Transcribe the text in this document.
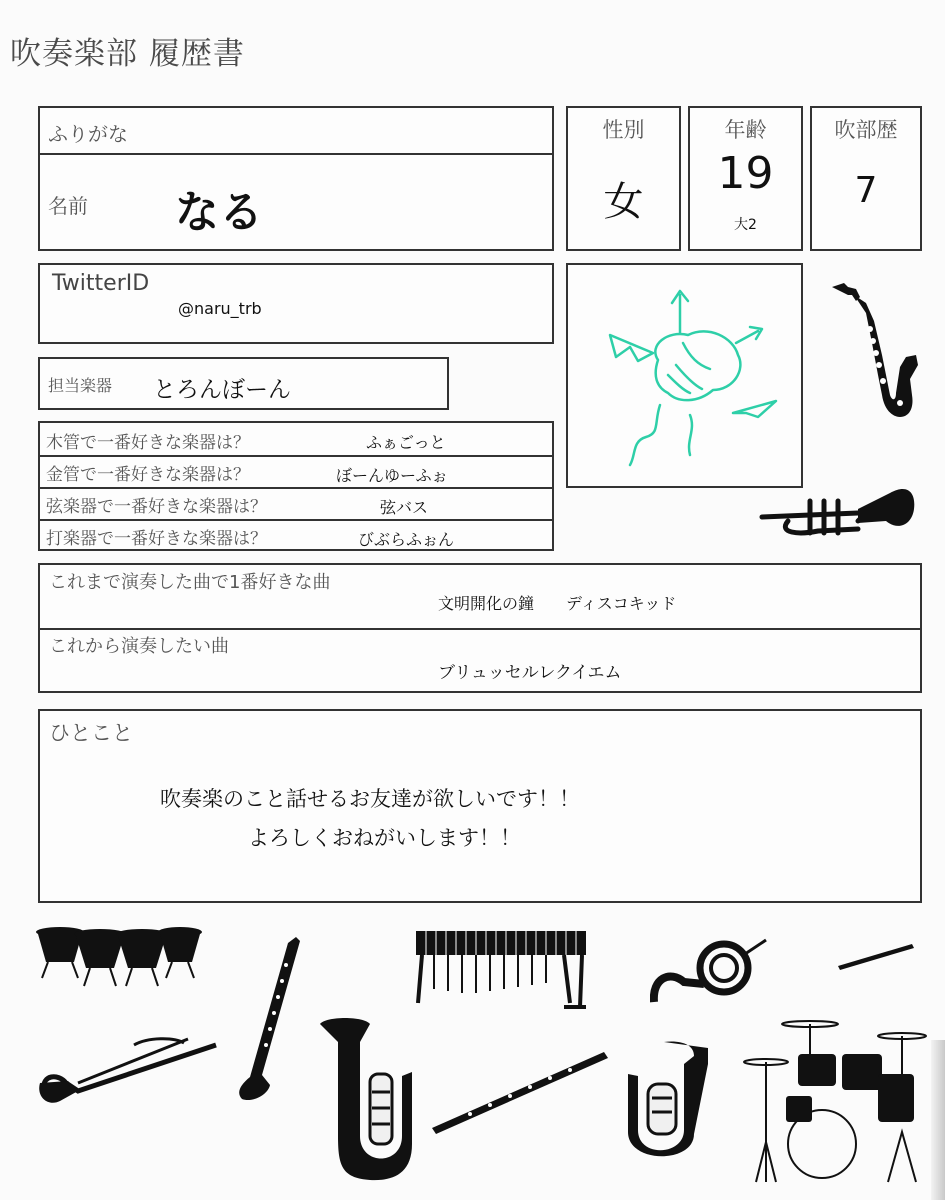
吹奏楽部 履歴書
ふりがな
名前 なる
性別
女
年齢
19
大2
吹部歴
7
TwitterID
@naru_trb
担当楽器 とろんぼーん
木管で一番好きな楽器は？	ふぁごっと
金管で一番好きな楽器は？	ぼーんゆーふぉ
弦楽器で一番好きな楽器は？	弦バス
打楽器で一番好きな楽器は？	びぶらふぉん
これまで演奏した曲で1番好きな曲
文明開化の鐘　　ディスコキッド
これから演奏したい曲
ブリュッセルレクイエム
ひとこと
吹奏楽のこと話せるお友達が欲しいです！！
よろしくおねがいします！！
